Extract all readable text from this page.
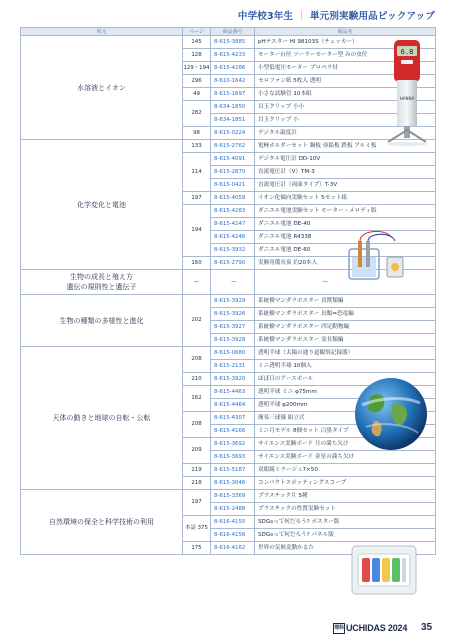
中学校3年生 ｜ 単元別実験用品ピックアップ
単元	ページ	商品番号	商品名
水溶液とイオン	145	8-615-3885	pHテスター HI 98103S（チェッカー）
	128	8-615-4233	モーター台付 ソーラーモーター型 みの虫付
	129・194	8-615-4286	小型低電圧モーター プロペラ付
	296	8-610-1642	セロファン紙 5枚入 透明
	49	8-615-1697	小さな試験管 10本組
	282	8-634-1850	目玉クリップ 小小
		8-634-1851	目玉クリップ 小
	98	8-615-0224	デジタル温度計
化学変化と電池	133	8-615-2762	電極ホルダーセット 銅板 亜鉛板 鉄板 アルミ板
	114	8-615-4091	デジタル電圧計 DD-10V
		8-615-2870	直流電圧計（V）TM-3
		8-615-0421	直流電圧計（両面タイプ）T-3V
	197	8-615-4059	イオン化傾向実験セット 5セット組
	194	8-615-4283	ダニエル電池実験セット モーター・メロディ版
		8-615-4247	ダニエル電池 DE-40
		8-615-4246	ダニエル電池 R4338
		8-615-3932	ダニエル電池 DE-60
	160	8-615-2790	実験用備長炭 約20本入
生物の成長と殖え方
遺伝の規則性と遺伝子	—	—	—
生物の種類の多様性と進化	202	8-615-3929	系統樹マンダラポスター 真獣類編
		8-615-3926	系統樹マンダラポスター 鳥類=恐竜編
		8-615-3927	系統樹マンダラポスター 四足動物編
		8-615-3928	系統樹マンダラポスター 霊長類編
天体の動きと地球の自転・公転	208	8-615-0680	透明半球（太陽の通り道観察記録器）
		8-615-2131	ミニ透明半球 10個入
	210	8-615-3920	ほぼ日のアースボール
	162	8-615-4463	透明半球 ミニ φ75mm
		8-615-4464	透明半球 φ200mm
	208	8-615-4307	簡易三球儀 組立式
		8-615-4166	ミニ月モデル 8個セット 白黒タイプ
	209	8-615-3692	サイエンス実験ボード 月の満ち欠け
		8-615-3693	サイエンス実験ボード 金星の満ち欠け
	219	8-615-5187	双眼鏡ミラージュ7×50
	218	8-615-3046	コンパクトスポッティングスコープ
自然環境の保全と科学技術の利用	197	8-615-3369	プラスチック片 5種
		8-615-2488	プラスチックの性質実験セット
	本誌 375	8-616-4155	SDGsって何だろう? ポスター版
		8-616-4156	SDGsって何だろう? パネル版
	175	8-616-4162	世界の気候変動かるた
6.8
HANNA
理科 UCHIDAS 2024 35
